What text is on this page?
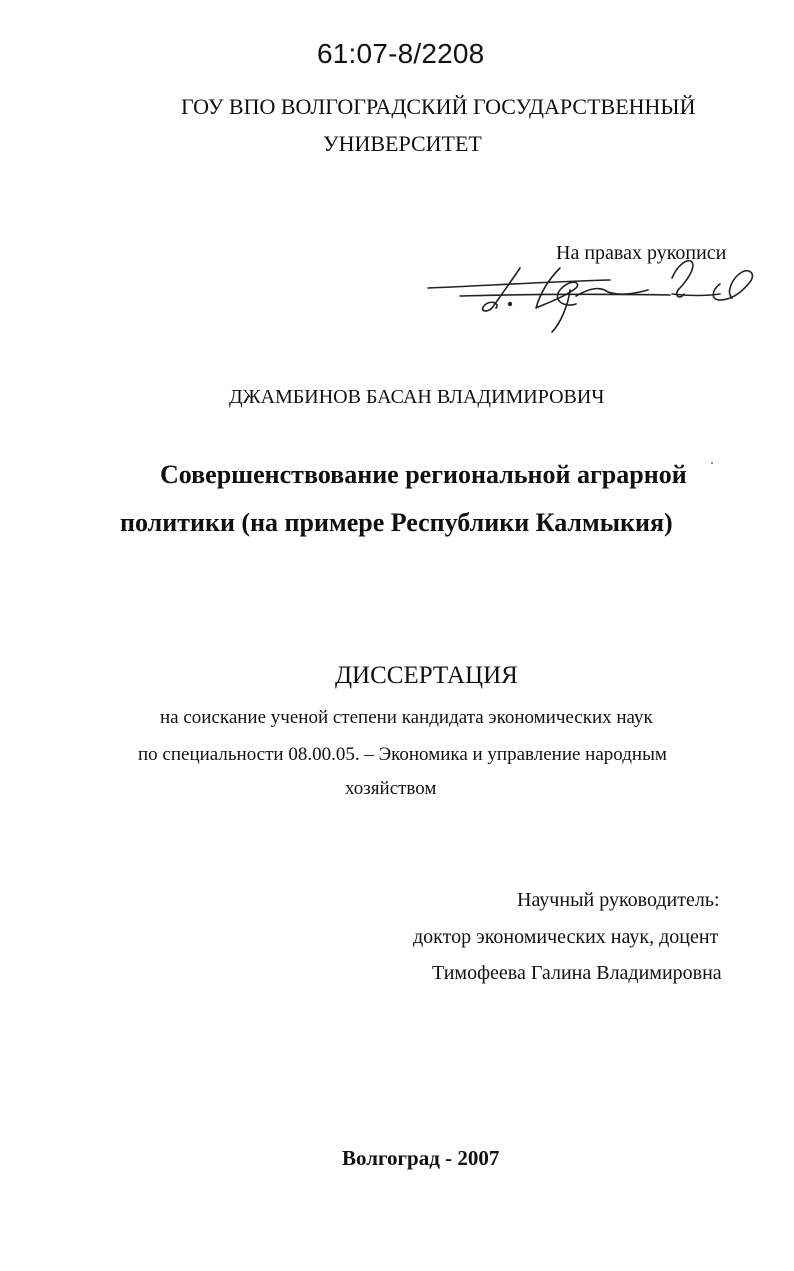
61:07-8/2208

ГОУ ВПО ВОЛГОГРАДСКИЙ ГОСУДАРСТВЕННЫЙ

УНИВЕРСИТЕТ

На правах рукописи

ДЖАМБИНОВ БАСАН ВЛАДИМИРОВИЧ

Совершенствование региональной аграрной

политики (на примере Республики Калмыкия)

ДИССЕРТАЦИЯ

на соискание ученой степени кандидата экономических наук

по специальности 08.00.05. – Экономика и управление народным

хозяйством

Научный руководитель:

доктор экономических наук, доцент

Тимофеева Галина Владимировна

Волгоград - 2007
